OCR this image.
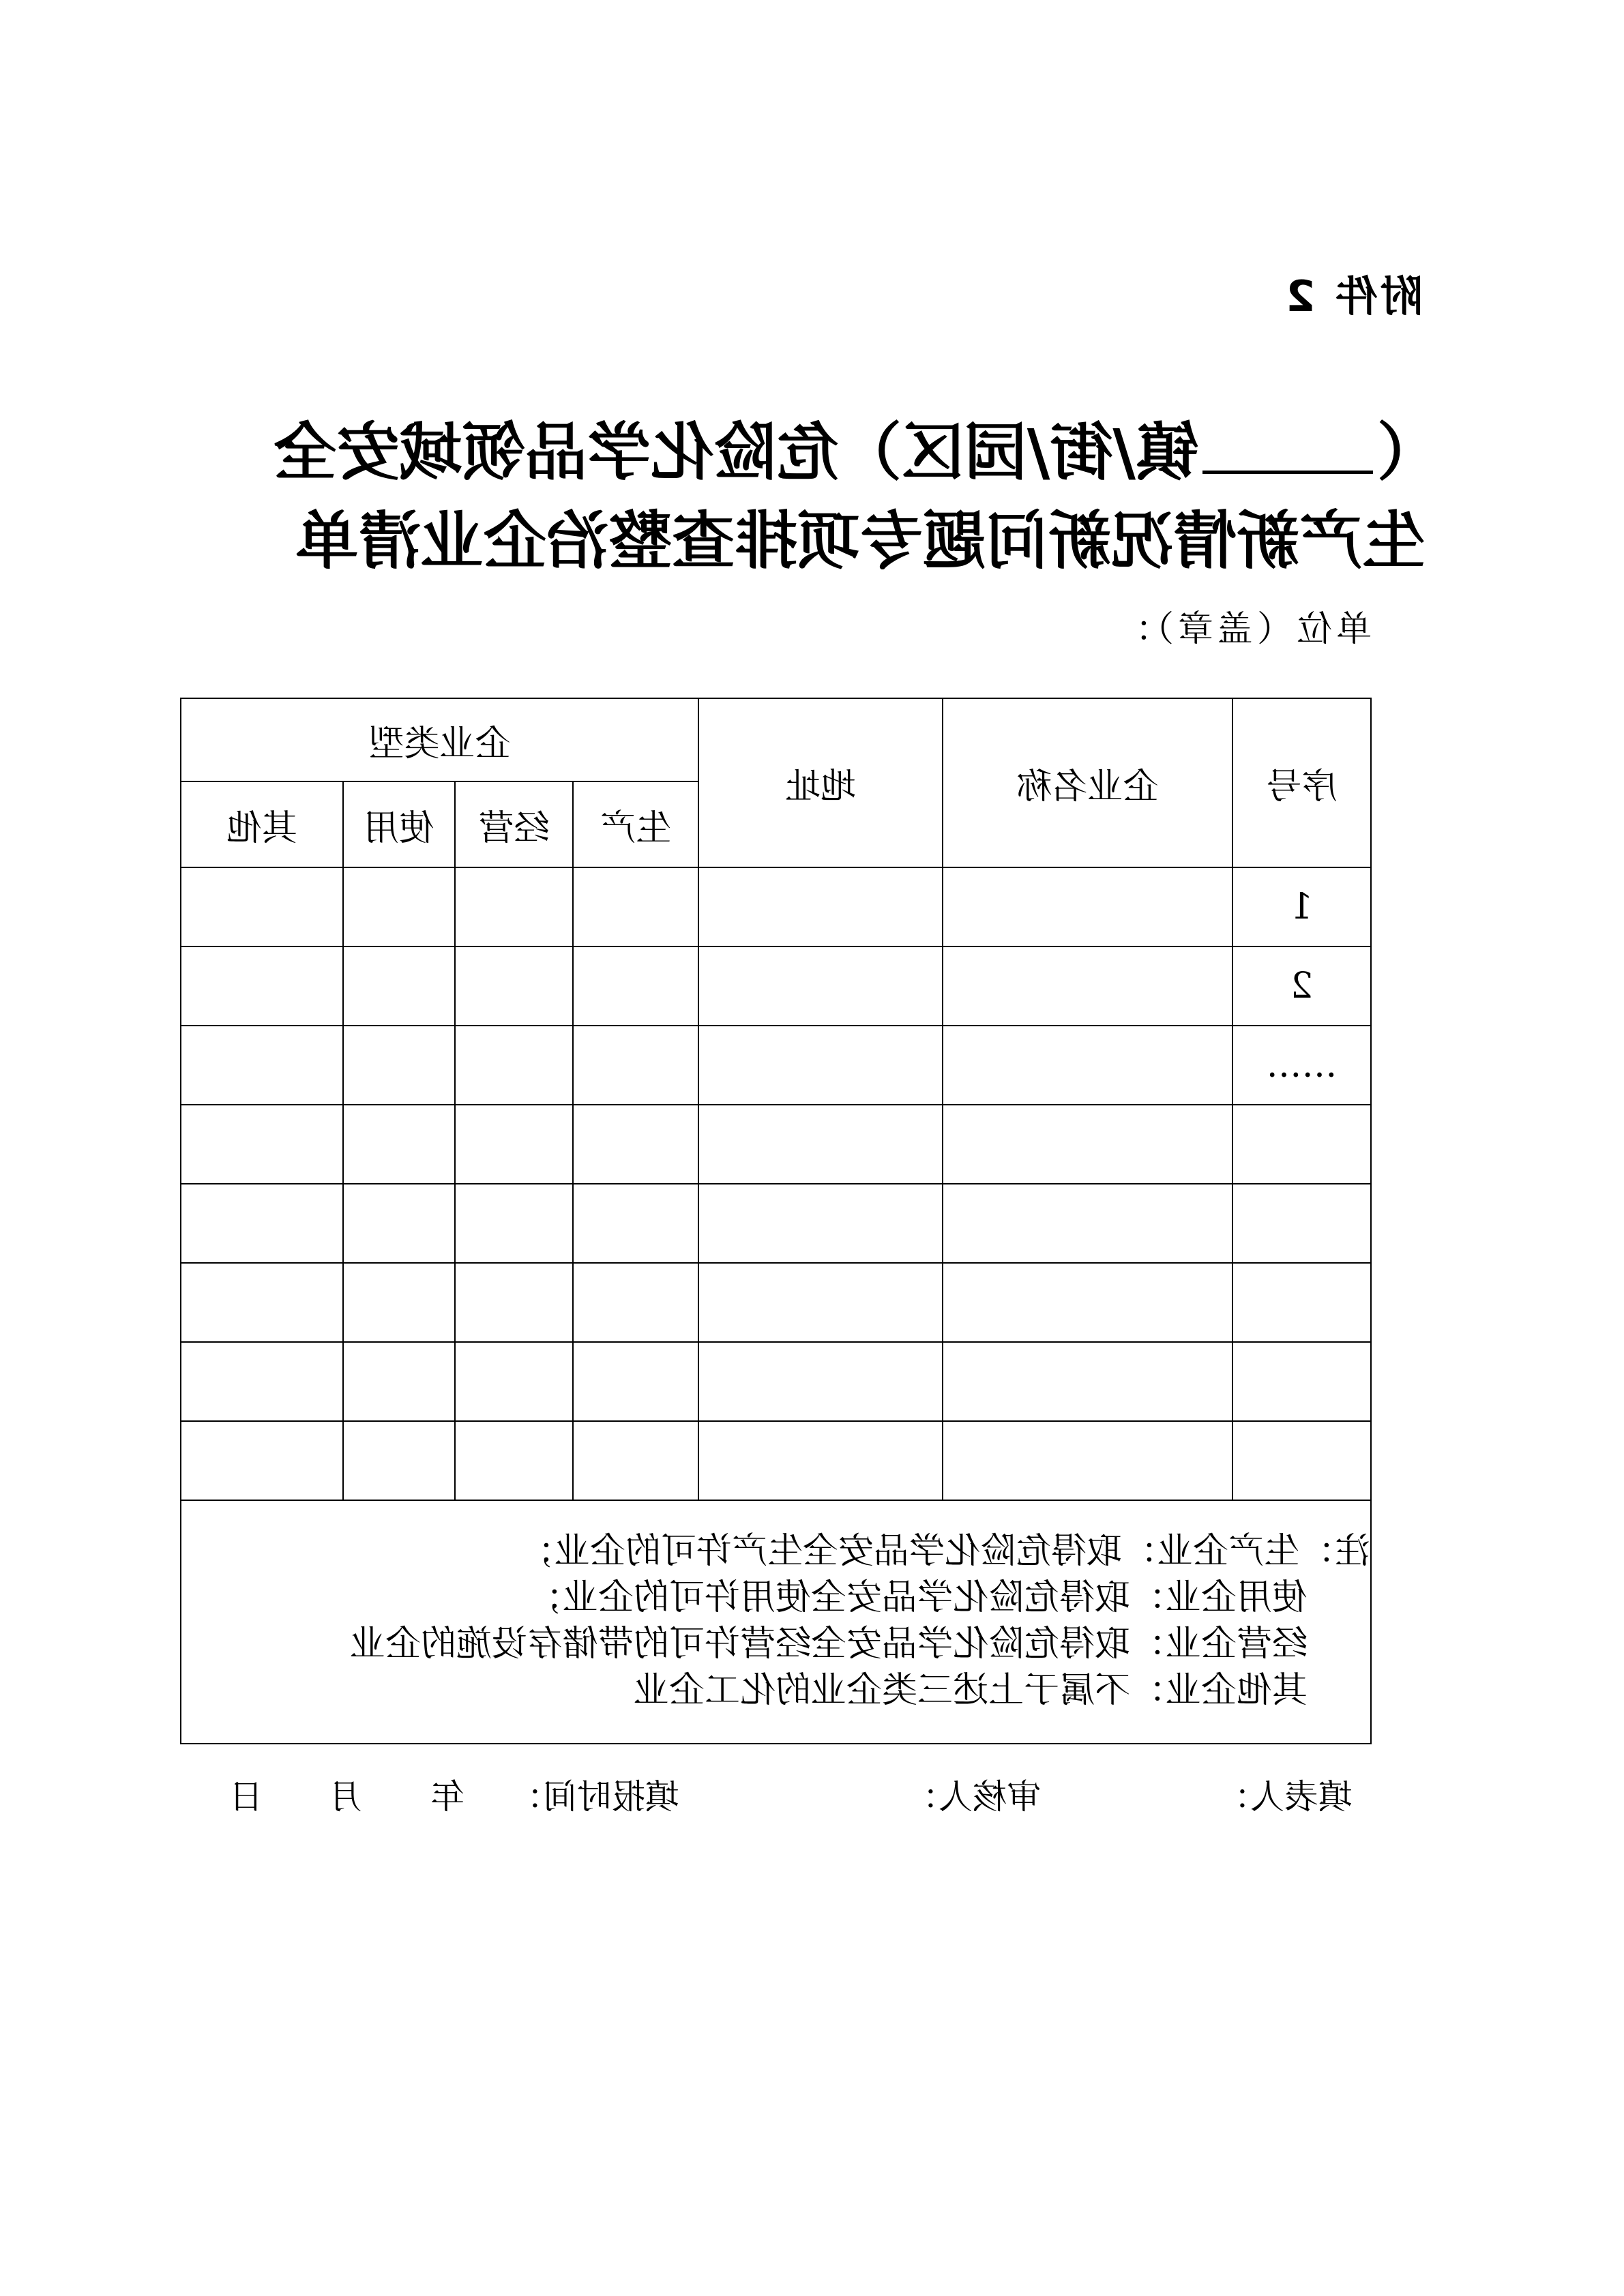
附件 2
（镇/街/园区）危险化学品领域安全
生产新情况新问题专项排查整治企业清单
单位（盖章）：
序号	企业名称	地址	企业类型			
			生产	经营	使用	其他
1						
2						
……						

注：生产企业：取得危险化学品安全生产许可的企业；
使用企业：取得危险化学品安全使用许可的企业；
经营企业：取得危险化学品安全经营许可的带储存设施的企业
其他企业：不属于上述三类企业的化工企业						
填表人：
审核人：
填报时间：
年
月
日
